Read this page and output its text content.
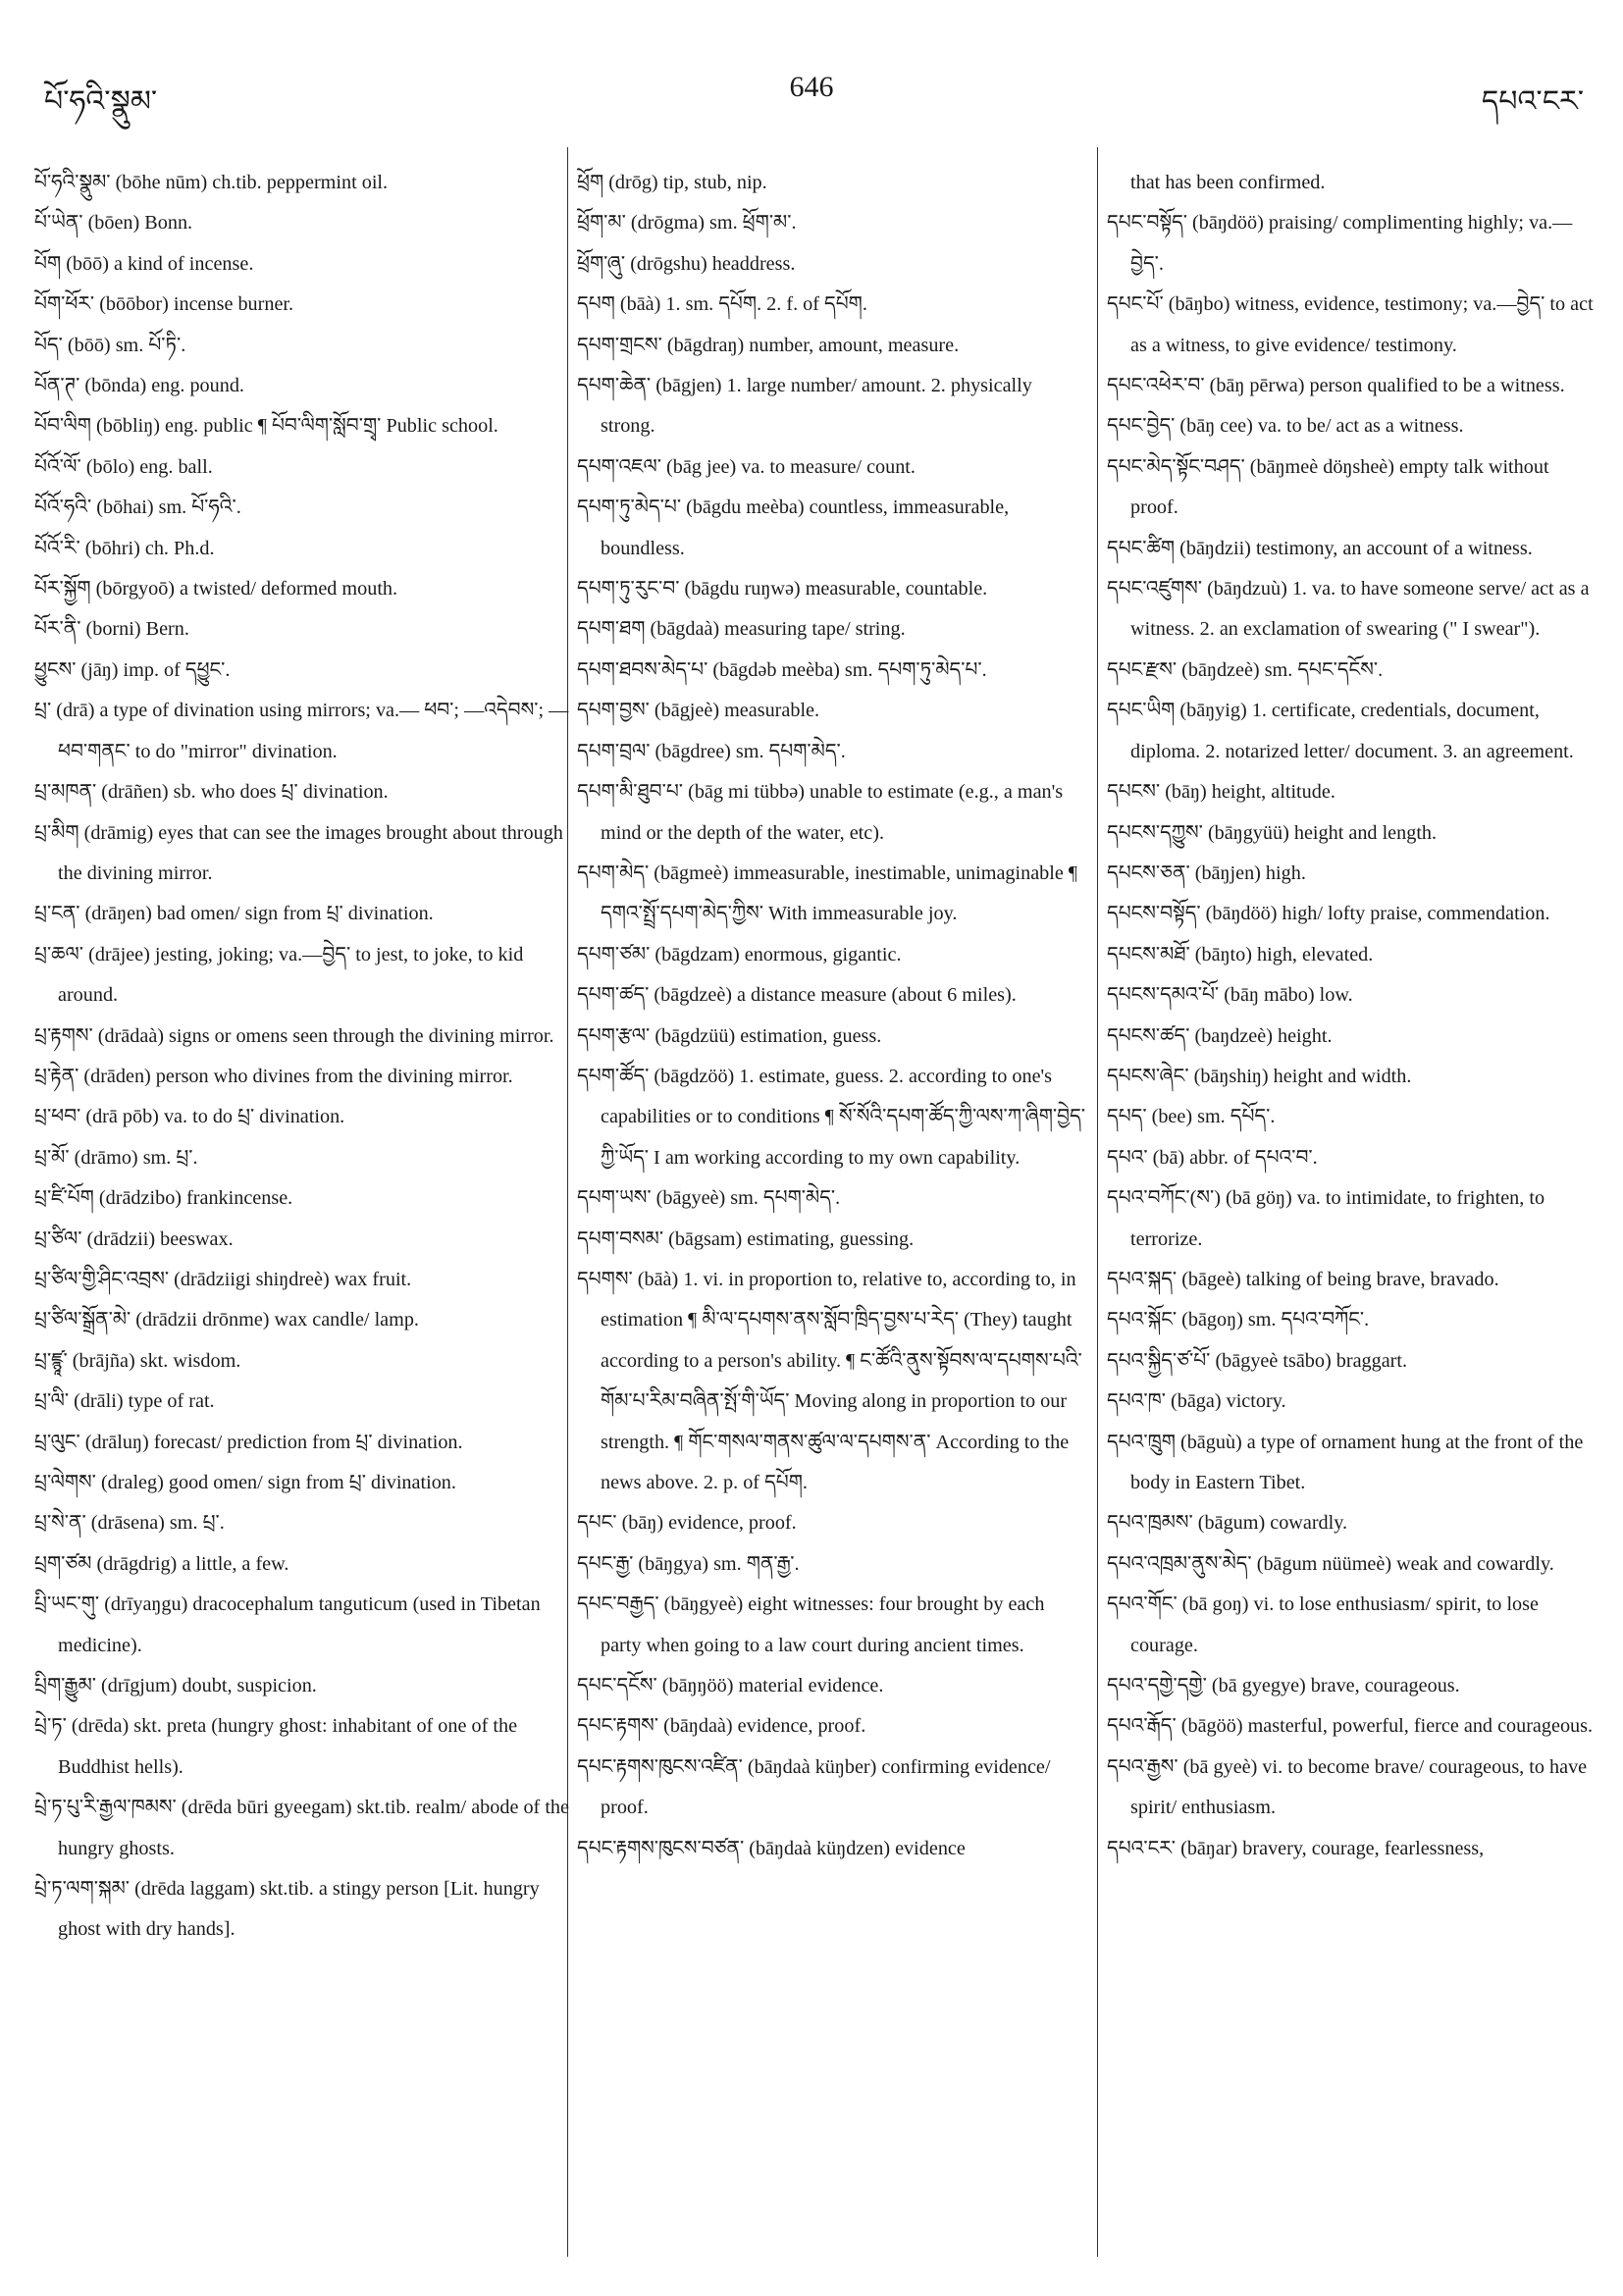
པོ་ཧའི་སྣུམ་	646	དཔའ་ངར་

པོ་ཧའི་སྣུམ་ (bōhe nūm) ch.tib. peppermint oil.

པོ་ཡེན་ (bōen) Bonn.

པོག (bōō) a kind of incense.

པོག་ཕོར་ (bōōbor) incense burner.

པོད་ (bōō) sm. པོ་ཏི་.

པོན་ཊ་ (bōnda) eng. pound.

པོབ་ལིག (bōbliŋ) eng. public ¶ པོབ་ལིག་སློབ་གྲྭ་ Public school.

པོའོ་ལོ་ (bōlo) eng. ball.

པོའོ་ཧའི་ (bōhai) sm. པོ་ཧའི་.

པོའོ་རི་ (bōhri) ch. Ph.d.

པོར་སྐྱོག (bōrgyoō) a twisted/ deformed mouth.

པོར་ནི་ (borni) Bern.

ཕྱུངས་ (jāŋ) imp. of དཕྱུང་.

པྲ་ (drā) a type of divination using mirrors; va.— ཕབ་; —འདེབས་; —ཕབ་གནང་ to do "mirror" divination.

པྲ་མཁན་ (drāñen) sb. who does པྲ་ divination.

པྲ་མིག (drāmig) eyes that can see the images brought about through the divining mirror.

པྲ་ངན་ (drāŋen) bad omen/ sign from པྲ་ divination.

པྲ་ཆལ་ (drājee) jesting, joking; va.—བྱེད་ to jest, to joke, to kid around.

པྲ་རྟགས་ (drādaà) signs or omens seen through the divining mirror.

པྲ་རྟེན་ (drāden) person who divines from the divining mirror.

པྲ་ཕབ་ (drā pōb) va. to do པྲ་ divination.

པྲ་མོ་ (drāmo) sm. པྲ་.

པྲ་ཛི་པོག (drādzibo) frankincense.

པྲ་ཙིལ་ (drādzii) beeswax.

པྲ་ཙིལ་གྱི་ཤིང་འབྲས་ (drādziigi shiŋdreè) wax fruit.

པྲ་ཙིལ་སྒྲོན་མེ་ (drādzii drōnme) wax candle/ lamp.

པྲ་ཛྙཱ་ (brājña) skt. wisdom.

པྲ་ལི་ (drāli) type of rat.

པྲ་ལུང་ (drāluŋ) forecast/ prediction from པྲ་ divination.

པྲ་ལེགས་ (draleg) good omen/ sign from པྲ་ divination.

པྲ་སེ་ན་ (drāsena) sm. པྲ་.

པྲག་ཙམ (drāgdrig) a little, a few.

པྲི་ཡང་གུ་ (drīyaŋgu) dracocephalum tanguticum (used in Tibetan medicine).

པྲིག་རྒྱུམ་ (drīgjum) doubt, suspicion.

པྲེ་ཏ་ (drēda) skt. preta (hungry ghost: inhabitant of one of the Buddhist hells).

པྲེ་ཏ་པུ་རི་རྒྱལ་ཁམས་ (drēda būri gyeegam) skt.tib. realm/ abode of the hungry ghosts.

པྲེ་ཏ་ལག་སྐམ་ (drēda laggam) skt.tib. a stingy person [Lit. hungry ghost with dry hands].

ཕྲོག (drōg) tip, stub, nip.

ཕྲོག་མ་ (drōgma) sm. ཕྲོག་མ་.

ཕྲོག་ཞུ་ (drōgshu) headdress.

དཔག (bāà) 1. sm. དཔོག. 2. f. of དཔོག.

དཔག་གྲངས་ (bāgdraŋ) number, amount, measure.

དཔག་ཆེན་ (bāgjen) 1. large number/ amount. 2. physically strong.

དཔག་འཇལ་ (bāg jee) va. to measure/ count.

དཔག་ཏུ་མེད་པ་ (bāgdu meèba) countless, immeasurable, boundless.

དཔག་ཏུ་རུང་བ་ (bāgdu ruŋwə) measurable, countable.

དཔག་ཐག (bāgdaà) measuring tape/ string.

དཔག་ཐབས་མེད་པ་ (bāgdəb meèba) sm. དཔག་ཏུ་མེད་པ་.

དཔག་བྱས་ (bāgjeè) measurable.

དཔག་བྲལ་ (bāgdree) sm. དཔག་མེད་.

དཔག་མི་ཐུབ་པ་ (bāg mi tübbə) unable to estimate (e.g., a man's mind or the depth of the water, etc).

དཔག་མེད་ (bāgmeè) immeasurable, inestimable, unimaginable ¶ དགའ་སྤྲོ་དཔག་མེད་ཀྱིས་ With immeasurable joy.

དཔག་ཙམ་ (bāgdzam) enormous, gigantic.

དཔག་ཚད་ (bāgdzeè) a distance measure (about 6 miles).

དཔག་རྩལ་ (bāgdzüü) estimation, guess.

དཔག་ཚོད་ (bāgdzöö) 1. estimate, guess. 2. according to one's capabilities or to conditions ¶ སོ་སོའི་དཔག་ཚོད་ཀྱི་ལས་ཀ་ཞིག་བྱེད་ཀྱི་ཡོད་ I am working according to my own capability.

དཔག་ཡས་ (bāgyeè) sm. དཔག་མེད་.

དཔག་བསམ་ (bāgsam) estimating, guessing.

དཔགས་ (bāà) 1. vi. in proportion to, relative to, according to, in estimation ¶ མི་ལ་དཔགས་ནས་སློབ་ཁྲིད་བྱས་པ་རེད་ (They) taught according to a person's ability. ¶ ང་ཚོའི་ནུས་སྟོབས་ལ་དཔགས་པའི་གོམ་པ་རིམ་བཞིན་སྤོ་གི་ཡོད་ Moving along in proportion to our strength. ¶ གོང་གསལ་གནས་ཚུལ་ལ་དཔགས་ན་ According to the news above. 2. p. of དཔོག.

དཔང་ (bāŋ) evidence, proof.

དཔང་རྒྱ་ (bāŋgya) sm. གན་རྒྱ་.

དཔང་བརྒྱད་ (bāŋgyeè) eight witnesses: four brought by each party when going to a law court during ancient times.

དཔང་དངོས་ (bāŋŋöö) material evidence.

དཔང་རྟགས་ (bāŋdaà) evidence, proof.

དཔང་རྟགས་ཁུངས་འཛིན་ (bāŋdaà küŋber) confirming evidence/ proof.

དཔང་རྟགས་ཁུངས་བཙན་ (bāŋdaà küŋdzen) evidence

that has been confirmed.

དཔང་བསྟོད་ (bāŋdöö) praising/ complimenting highly; va.—བྱེད་.

དཔང་པོ་ (bāŋbo) witness, evidence, testimony; va.—བྱེད་ to act as a witness, to give evidence/ testimony.

དཔང་འཕེར་བ་ (bāŋ pērwa) person qualified to be a witness.

དཔང་བྱེད་ (bāŋ cee) va. to be/ act as a witness.

དཔང་མེད་སྟོང་བཤད་ (bāŋmeè döŋsheè) empty talk without proof.

དཔང་ཚིག (bāŋdzii) testimony, an account of a witness.

དཔང་འཛུགས་ (bāŋdzuù) 1. va. to have someone serve/ act as a witness. 2. an exclamation of swearing (" I swear").

དཔང་རྫས་ (bāŋdzeè) sm. དཔང་དངོས་.

དཔང་ཡིག (bāŋyig) 1. certificate, credentials, document, diploma. 2. notarized letter/ document. 3. an agreement.

དཔངས་ (bāŋ) height, altitude.

དཔངས་དཀྱུས་ (bāŋgyüü) height and length.

དཔངས་ཅན་ (bāŋjen) high.

དཔངས་བསྟོད་ (bāŋdöö) high/ lofty praise, commendation.

དཔངས་མཐོ་ (bāŋto) high, elevated.

དཔངས་དམའ་པོ་ (bāŋ mābo) low.

དཔངས་ཚད་ (baŋdzeè) height.

དཔངས་ཞེང་ (bāŋshiŋ) height and width.

དཔད་ (bee) sm. དཔོད་.

དཔའ་ (bā) abbr. of དཔའ་བ་.

དཔའ་བཀོང་(ས་) (bā göŋ) va. to intimidate, to frighten, to terrorize.

དཔའ་སྐད་ (bāgeè) talking of being brave, bravado.

དཔའ་སྐོང་ (bāgoŋ) sm. དཔའ་བཀོང་.

དཔའ་སྐྱིད་ཙ་པོ་ (bāgyeè tsābo) braggart.

དཔའ་ཁ་ (bāga) victory.

དཔའ་ཁྲུག (bāguù) a type of ornament hung at the front of the body in Eastern Tibet.

དཔའ་ཁྲམས་ (bāgum) cowardly.

དཔའ་འཁྲམ་ནུས་མེད་ (bāgum nüümeè) weak and cowardly.

དཔའ་གོང་ (bā goŋ) vi. to lose enthusiasm/ spirit, to lose courage.

དཔའ་དགྱེ་དགྱེ་ (bā gyegye) brave, courageous.

དཔའ་རྒོད་ (bāgöö) masterful, powerful, fierce and courageous.

དཔའ་རྒྱས་ (bā gyeè) vi. to become brave/ courageous, to have spirit/ enthusiasm.

དཔའ་ངར་ (bāŋar) bravery, courage, fearlessness,
